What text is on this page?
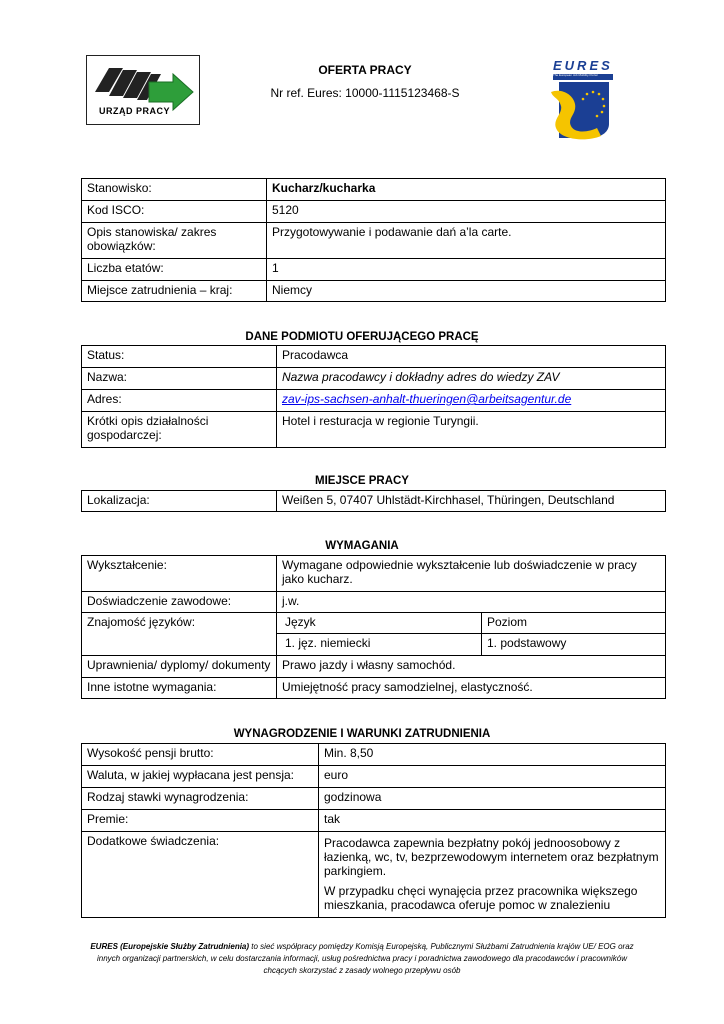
URZĄD PRACY
OFERTA PRACY
Nr ref. Eures: 10000-1115123468-S
EURES
The European Job Mobility Portal
Stanowisko:	Kucharz/kucharka
Kod ISCO:	5120
Opis stanowiska/ zakres obowiązków:	Przygotowywanie i podawanie dań a’la carte.
Liczba etatów:	1
Miejsce zatrudnienia – kraj:	Niemcy
DANE PODMIOTU OFERUJĄCEGO PRACĘ
Status:	Pracodawca
Nazwa:	Nazwa pracodawcy i dokładny adres do wiedzy ZAV
Adres:	zav-ips-sachsen-anhalt-thueringen@arbeitsagentur.de
Krótki opis działalności gospodarczej:	Hotel i resturacja w regionie Turyngii.
MIEJSCE PRACY
Lokalizacja:	Weißen 5, 07407 Uhlstädt-Kirchhasel, Thüringen, Deutschland
WYMAGANIA
Wykształcenie:	Wymagane odpowiednie wykształcenie lub doświadczenie w pracy jako kucharz.	
Doświadczenie zawodowe:	j.w.	
Znajomość języków:	Język	Poziom
	1. jęz. niemiecki	1. podstawowy
Uprawnienia/ dyplomy/ dokumenty	Prawo jazdy i własny samochód.	
Inne istotne wymagania:	Umiejętność pracy samodzielnej, elastyczność.	
WYNAGRODZENIE I WARUNKI ZATRUDNIENIA
Wysokość pensji brutto:	Min. 8,50
Waluta, w jakiej wypłacana jest pensja:	euro
Rodzaj stawki wynagrodzenia:	godzinowa
Premie:	tak
Dodatkowe świadczenia:	Pracodawca zapewnia bezpłatny pokój jednoosobowy z łazienką, wc, tv, bezprzewodowym internetem oraz bezpłatnym parkingiem.
W przypadku chęci wynajęcia przez pracownika większego mieszkania, pracodawca oferuje pomoc w znalezieniu
EURES (Europejskie Służby Zatrudnienia) to sieć współpracy pomiędzy Komisją Europejską, Publicznymi Służbami Zatrudnienia krajów UE/ EOG oraz innych organizacji partnerskich, w celu dostarczania informacji, usług pośrednictwa pracy i poradnictwa zawodowego dla pracodawców i pracowników chcących skorzystać z zasady wolnego przepływu osób
